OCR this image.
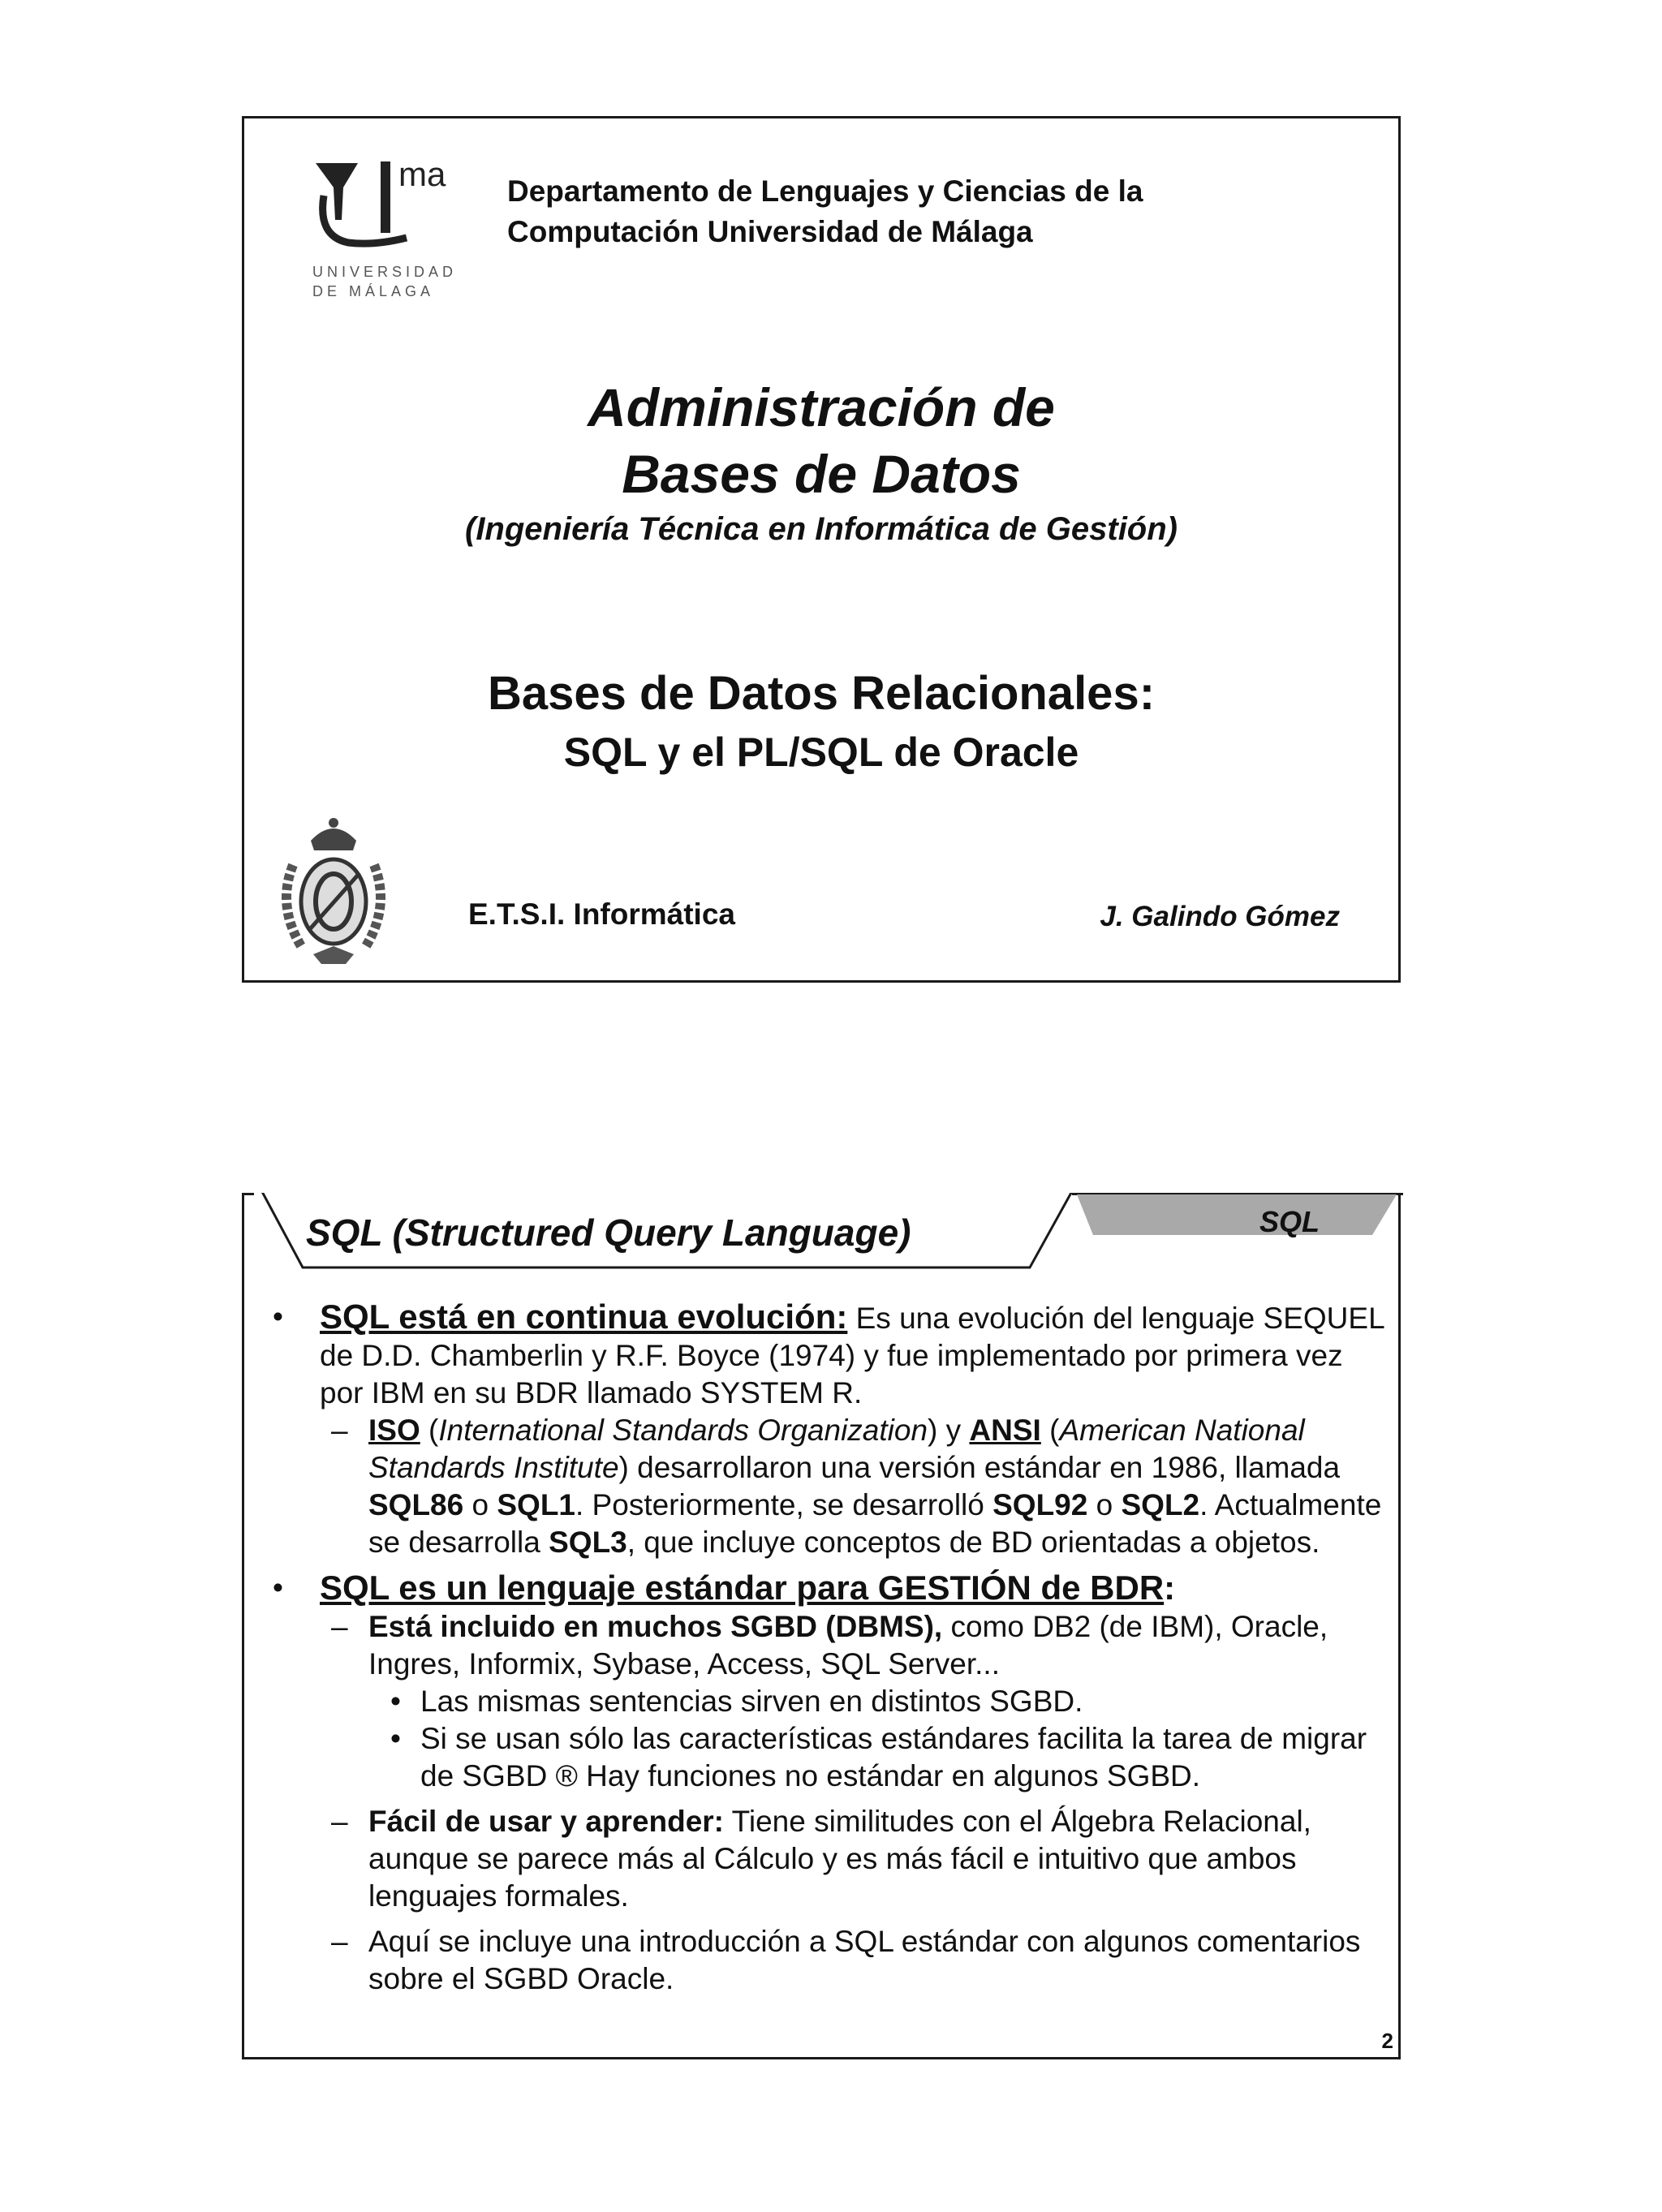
ma
UNIVERSIDAD
DE MÁLAGA
Departamento de Lenguajes y Ciencias de la
Computación Universidad de Málaga
Administración de
Bases de Datos
(Ingeniería Técnica en Informática de Gestión)
Bases de Datos Relacionales:
SQL y el PL/SQL de Oracle
E.T.S.I. Informática	J. Galindo Gómez
SQL (Structured Query Language)	SQL
• SQL está en continua evolución: Es una evolución del lenguaje SEQUEL de D.D. Chamberlin y R.F. Boyce (1974) y fue implementado por primera vez por IBM en su BDR llamado SYSTEM R.
– ISO (International Standards Organization) y ANSI (American National Standards Institute) desarrollaron una versión estándar en 1986, llamada SQL86 o SQL1. Posteriormente, se desarrolló SQL92 o SQL2. Actualmente se desarrolla SQL3, que incluye conceptos de BD orientadas a objetos.
• SQL es un lenguaje estándar para GESTIÓN de BDR:
– Está incluido en muchos SGBD (DBMS), como DB2 (de IBM), Oracle, Ingres, Informix, Sybase, Access, SQL Server...
• Las mismas sentencias sirven en distintos SGBD.
• Si se usan sólo las características estándares facilita la tarea de migrar de SGBD ® Hay funciones no estándar en algunos SGBD.
– Fácil de usar y aprender: Tiene similitudes con el Álgebra Relacional, aunque se parece más al Cálculo y es más fácil e intuitivo que ambos lenguajes formales.
– Aquí se incluye una introducción a SQL estándar con algunos comentarios sobre el SGBD Oracle.
2
